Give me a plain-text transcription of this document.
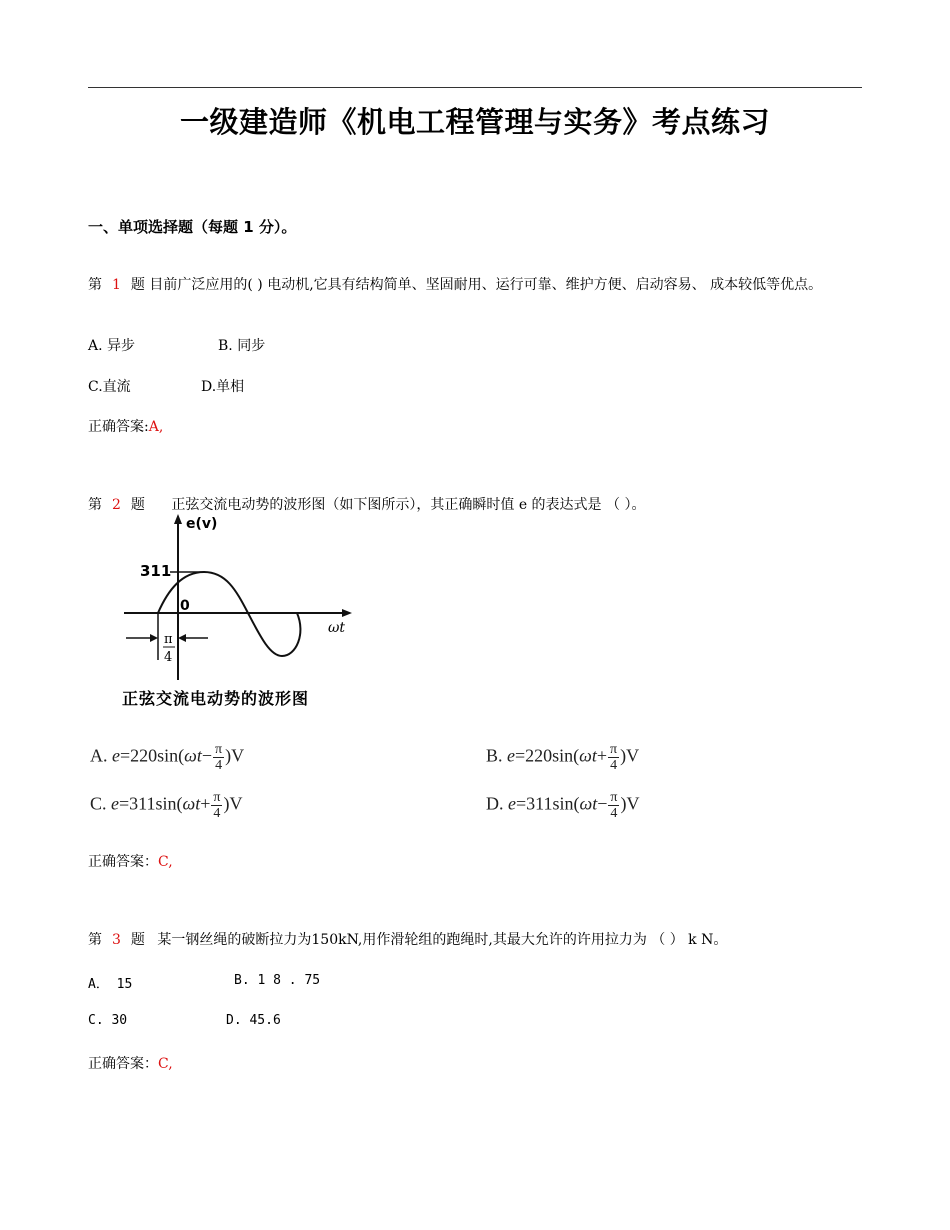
一级建造师《机电工程管理与实务》考点练习
一、单项选择题（每题 1 分）。
第 1 题 目前广泛应用的( ) 电动机,它具有结构简单、坚固耐用、运行可靠、维护方便、启动容易、 成本较低等优点。
A. 异步	B. 同步
C.直流	D.单相
正确答案:A,
第 2 题 正弦交流电动势的波形图（如下图所示），其正确瞬时值 e 的表达式是 （ ）。
e(v)
311
0
ωt
π
4
正弦交流电动势的波形图
A. $e=220\sin(\omega t- \frac{\pi}{4} )V$	B. $e=220\sin(\omega t+ \frac{\pi}{4} )V$
C. $e=311\sin(\omega t+ \frac{\pi}{4} )V$	D. $e=311\sin(\omega t- \frac{\pi}{4} )V$
正确答案：C,
第 3 题 某一钢丝绳的破断拉力为150kN,用作滑轮组的跑绳时,其最大允许的许用拉力为 （ ） k N。
A． 15	B. 1 8 . 75
C. 30	D. 45.6
正确答案：C,
